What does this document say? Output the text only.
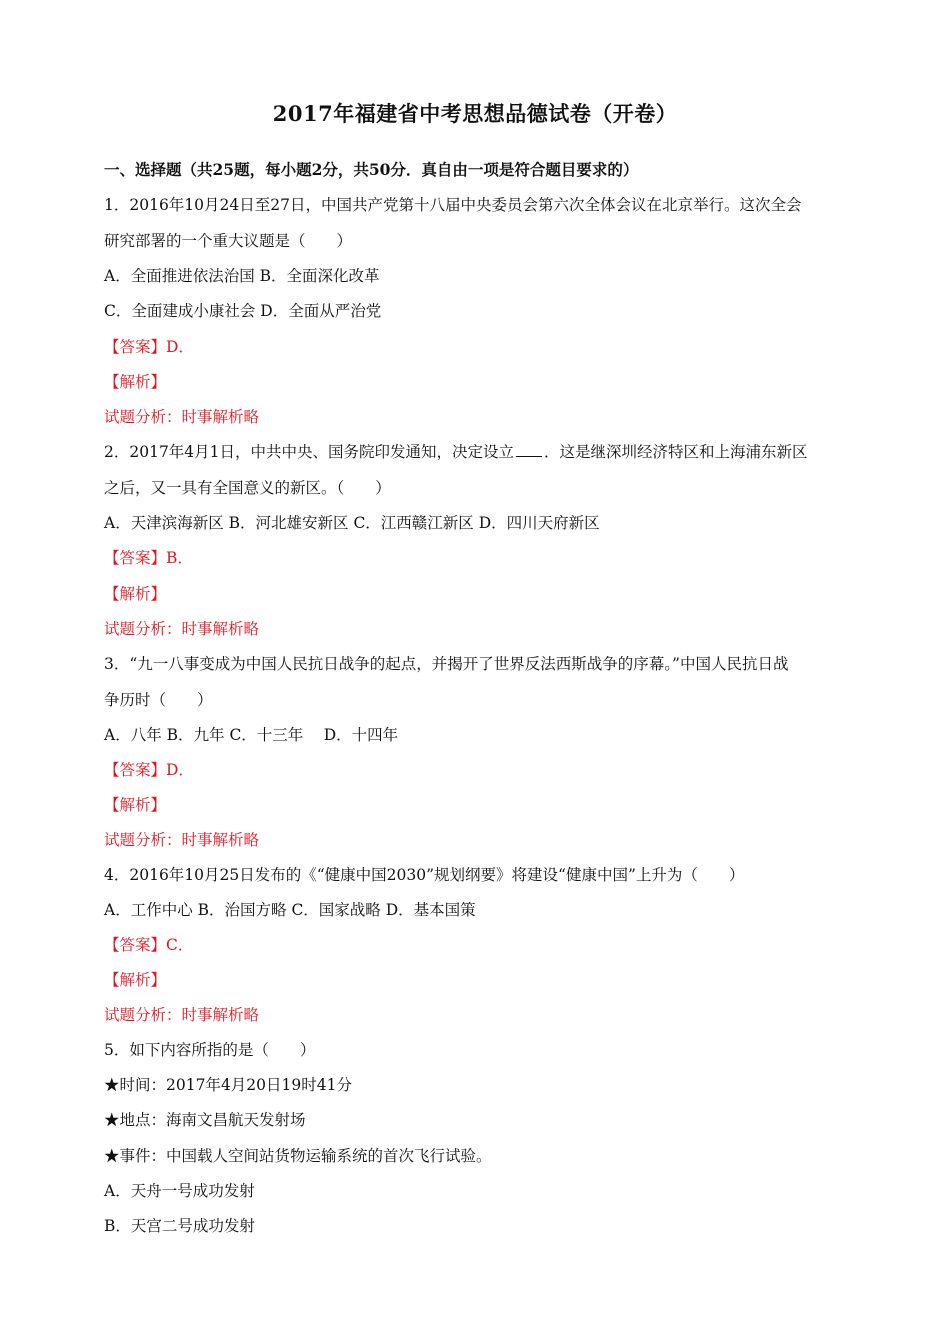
2017年福建省中考思想品德试卷（开卷）
一、选择题（共25题，每小题2分，共50分．真自由一项是符合题目要求的）
1．2016年10月24日至27日，中国共产党第十八届中央委员会第六次全体会议在北京举行。这次全会
研究部署的一个重大议题是（　　）
A．全面推进依法治国 B．全面深化改革
C．全面建成小康社会 D．全面从严治党
【答案】D．
【解析】
试题分析：时事解析略
2．2017年4月1日，中共中央、国务院印发通知，决定设立 ．这是继深圳经济特区和上海浦东新区
之后，又一具有全国意义的新区。（　　）
A．天津滨海新区 B．河北雄安新区 C．江西赣江新区 D．四川天府新区
【答案】B．
【解析】
试题分析：时事解析略
3．“九一八事变成为中国人民抗日战争的起点，并揭开了世界反法西斯战争的序幕。”中国人民抗日战
争历时（　　）
A．八年 B．九年 C．十三年　 D．十四年
【答案】D．
【解析】
试题分析：时事解析略
4．2016年10月25日发布的《“健康中国2030”规划纲要》将建设“健康中国”上升为（　　）
A．工作中心 B．治国方略 C．国家战略 D．基本国策
【答案】C．
【解析】
试题分析：时事解析略
5．如下内容所指的是（　　）
★时间：2017年4月20日19时41分
★地点：海南文昌航天发射场
★事件：中国载人空间站货物运输系统的首次飞行试验。
A．天舟一号成功发射
B．天宫二号成功发射
